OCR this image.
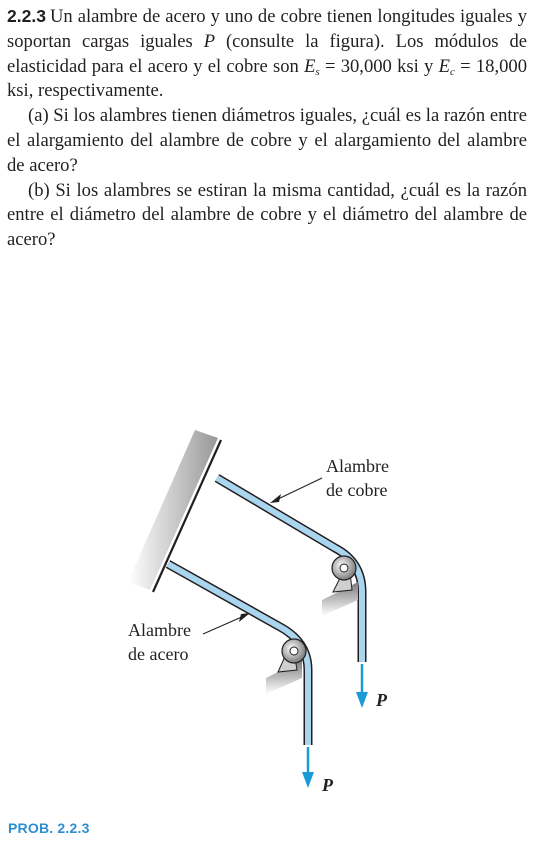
2.2.3 Un alambre de acero y uno de cobre tienen longitudes iguales y soportan cargas iguales P (consulte la figura). Los módulos de elasticidad para el acero y el cobre son $E_s = 30,000$ ksi y $E_c = 18,000$ ksi, respectivamente.

(a) Si los alambres tienen diámetros iguales, ¿cuál es la razón entre el alargamiento del alambre de cobre y el alargamiento del alambre de acero?

(b) Si los alambres se estiran la misma cantidad, ¿cuál es la razón entre el diámetro del alambre de cobre y el diámetro del alambre de acero?

Alambre
de cobre
Alambre
de acero
P
P
PROB. 2.2.3
